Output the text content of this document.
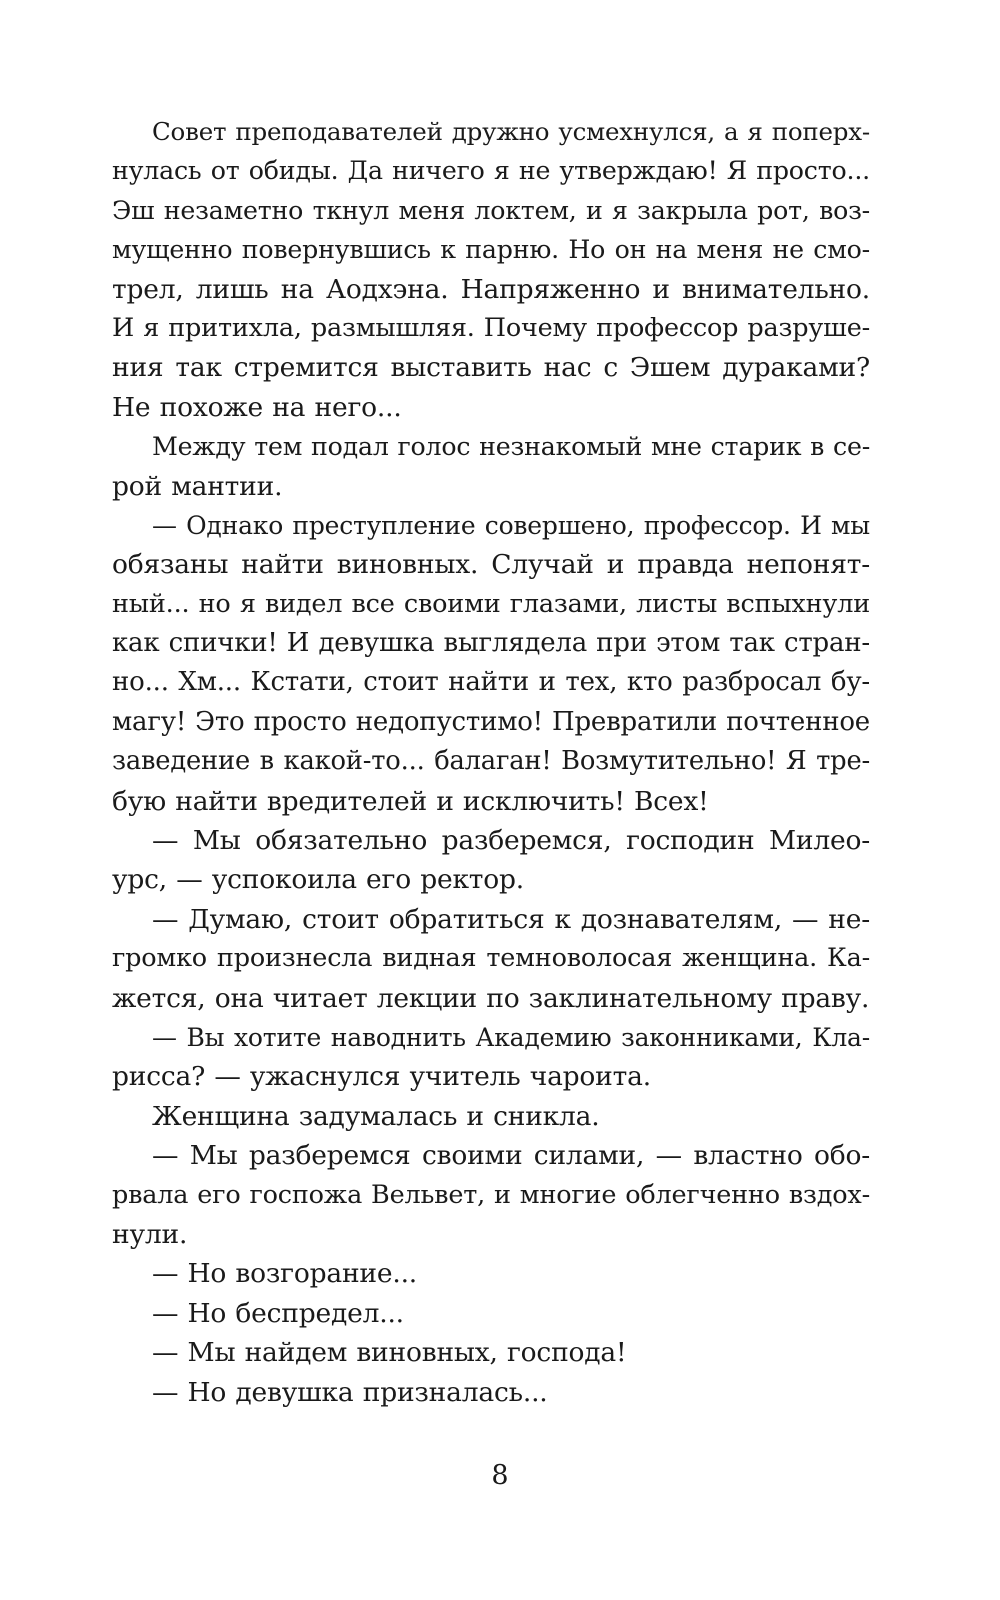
Совет преподавателей дружно усмехнулся, а я поперх-
нулась от обиды. Да ничего я не утверждаю! Я просто...
Эш незаметно ткнул меня локтем, и я закрыла рот, воз-
мущенно повернувшись к парню. Но он на меня не смо-
трел, лишь на Аодхэна. Напряженно и внимательно.
И я притихла, размышляя. Почему профессор разруше-
ния так стремится выставить нас с Эшем дураками?
Не похоже на него...
Между тем подал голос незнакомый мне старик в се-
рой мантии.
— Однако преступление совершено, профессор. И мы
обязаны найти виновных. Случай и правда непонят-
ный... но я видел все своими глазами, листы вспыхнули
как спички! И девушка выглядела при этом так стран-
но... Хм... Кстати, стоит найти и тех, кто разбросал бу-
магу! Это просто недопустимо! Превратили почтенное
заведение в какой-то... балаган! Возмутительно! Я тре-
бую найти вредителей и исключить! Всех!
— Мы обязательно разберемся, господин Милео-
урс, — успокоила его ректор.
— Думаю, стоит обратиться к дознавателям, — не-
громко произнесла видная темноволосая женщина. Ка-
жется, она читает лекции по заклинательному праву.
— Вы хотите наводнить Академию законниками, Кла-
рисса? — ужаснулся учитель чароита.
Женщина задумалась и сникла.
— Мы разберемся своими силами, — властно обо-
рвала его госпожа Вельвет, и многие облегченно вздох-
нули.
— Но возгорание...
— Но беспредел...
— Мы найдем виновных, господа!
— Но девушка призналась...
8
